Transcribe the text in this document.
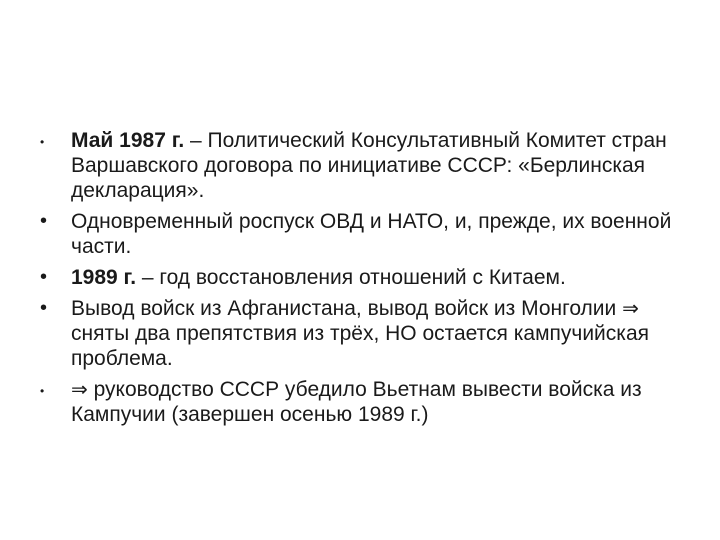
•	Май 1987 г. – Политический Консультативный Комитет стран Варшавского договора по инициативе СССР: «Берлинская декларация».
•	Одновременный роспуск ОВД и НАТО, и, прежде, их военной части.
•	1989 г. – год восстановления отношений с Китаем.
•	Вывод войск из Афганистана, вывод войск из Монголии ⇒ сняты два препятствия из трёх, НО остается кампучийская проблема.
•	⇒ руководство СССР убедило Вьетнам вывести войска из Кампучии (завершен осенью 1989 г.)
